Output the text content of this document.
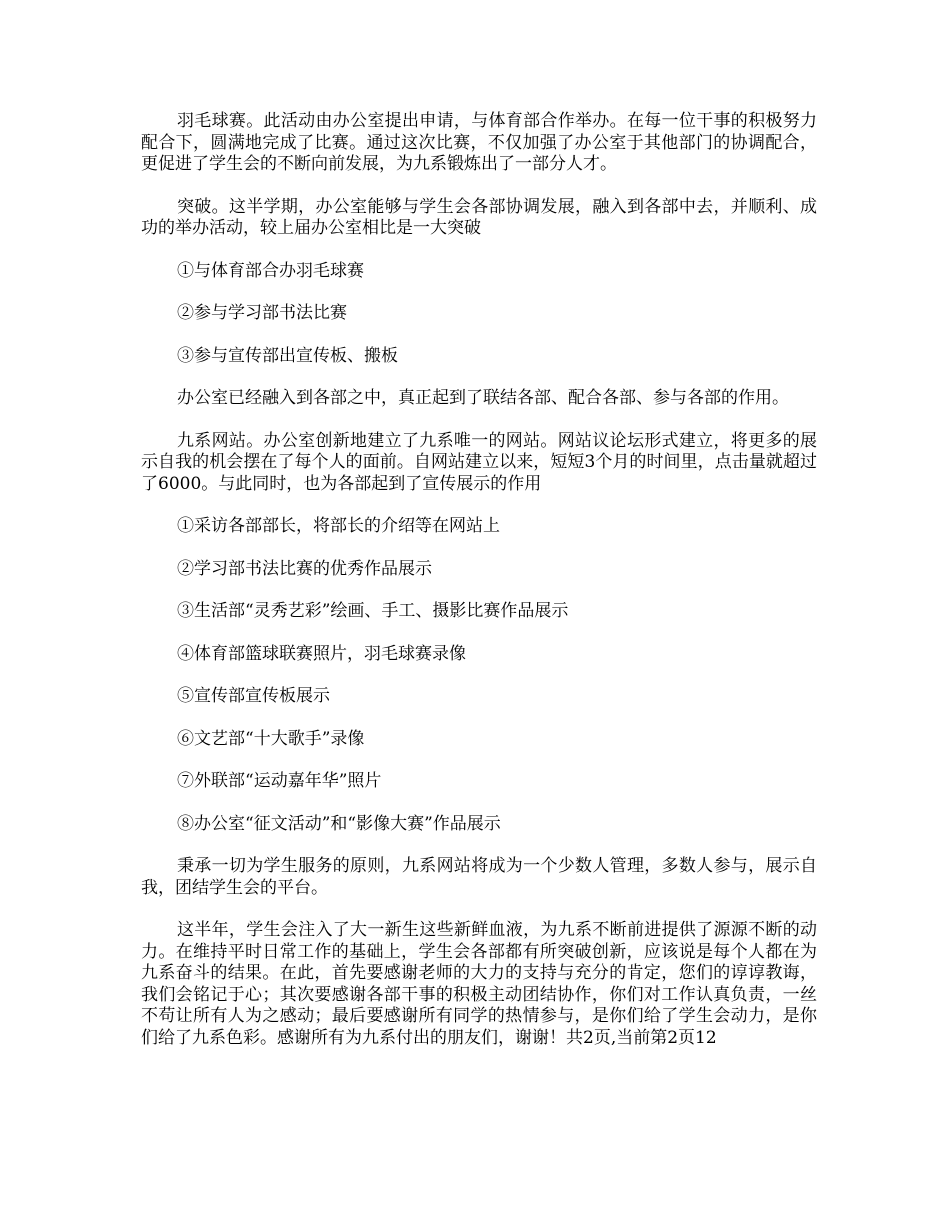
羽毛球赛。此活动由办公室提出申请，与体育部合作举办。在每一位干事的积极努力配合下，圆满地完成了比赛。通过这次比赛，不仅加强了办公室于其他部门的协调配合，更促进了学生会的不断向前发展，为九系锻炼出了一部分人才。

突破。这半学期，办公室能够与学生会各部协调发展，融入到各部中去，并顺利、成功的举办活动，较上届办公室相比是一大突破

①与体育部合办羽毛球赛

②参与学习部书法比赛

③参与宣传部出宣传板、搬板

办公室已经融入到各部之中，真正起到了联结各部、配合各部、参与各部的作用。

九系网站。办公室创新地建立了九系唯一的网站。网站议论坛形式建立，将更多的展示自我的机会摆在了每个人的面前。自网站建立以来，短短3个月的时间里，点击量就超过了6000。与此同时，也为各部起到了宣传展示的作用

①采访各部部长，将部长的介绍等在网站上

②学习部书法比赛的优秀作品展示

③生活部“灵秀艺彩”绘画、手工、摄影比赛作品展示

④体育部篮球联赛照片，羽毛球赛录像

⑤宣传部宣传板展示

⑥文艺部“十大歌手”录像

⑦外联部“运动嘉年华”照片

⑧办公室“征文活动”和“影像大赛”作品展示

秉承一切为学生服务的原则，九系网站将成为一个少数人管理，多数人参与，展示自我，团结学生会的平台。

这半年，学生会注入了大一新生这些新鲜血液，为九系不断前进提供了源源不断的动力。在维持平时日常工作的基础上，学生会各部都有所突破创新，应该说是每个人都在为九系奋斗的结果。在此，首先要感谢老师的大力的支持与充分的肯定，您们的谆谆教诲，我们会铭记于心；其次要感谢各部干事的积极主动团结协作，你们对工作认真负责，一丝不苟让所有人为之感动；最后要感谢所有同学的热情参与，是你们给了学生会动力，是你们给了九系色彩。感谢所有为九系付出的朋友们，谢谢！共2页,当前第2页12
